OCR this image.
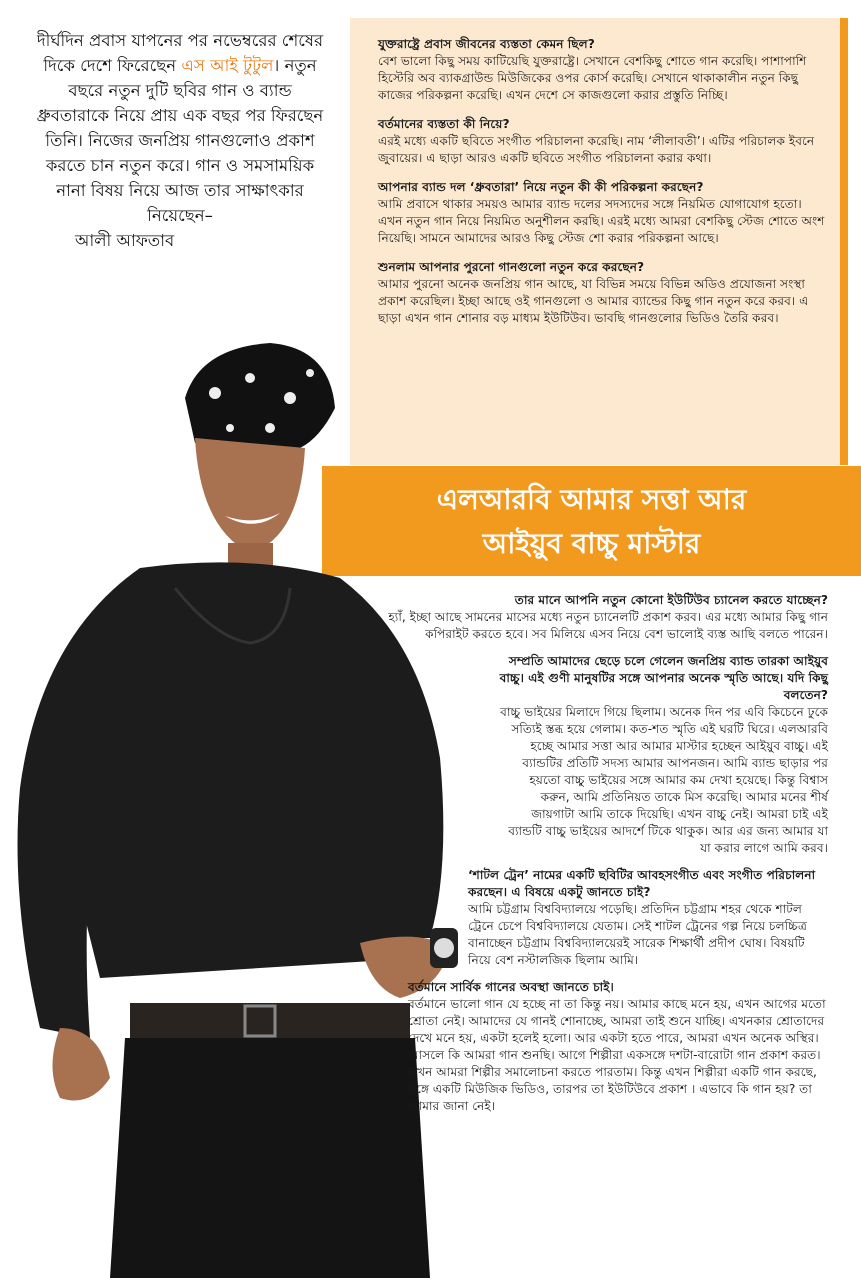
দীর্ঘদিন প্রবাস যাপনের পর নভেম্বরের শেষের দিকে দেশে ফিরেছেন এস আই টুটুল। নতুন বছরে নতুন দুটি ছবির গান ও ব্যান্ড ধ্রুবতারাকে নিয়ে প্রায় এক বছর পর ফিরছেন তিনি। নিজের জনপ্রিয় গানগুলোও প্রকাশ করতে চান নতুন করে। গান ও সমসাময়িক নানা বিষয় নিয়ে আজ তার সাক্ষাৎকার নিয়েছেন–
আলী আফতাব
যুক্তরাষ্ট্রে প্রবাস জীবনের ব্যস্ততা কেমন ছিল?
বেশ ভালো কিছু সময় কাটিয়েছি যুক্তরাষ্ট্রে। সেখানে বেশকিছু শোতে গান করেছি। পাশাপাশি হিস্টেরি অব ব্যাকগ্রাউন্ড মিউজিকের ওপর কোর্স করেছি। সেখানে থাকাকালীন নতুন কিছু কাজের পরিকল্পনা করেছি। এখন দেশে সে কাজগুলো করার প্রস্তুতি নিচ্ছি।
বর্তমানের ব্যস্ততা কী নিয়ে?
এরই মধ্যে একটি ছবিতে সংগীত পরিচালনা করেছি। নাম ‘লীলাবতী’। এটির পরিচালক ইবনে জুবায়ের। এ ছাড়া আরও একটি ছবিতে সংগীত পরিচালনা করার কথা।
আপনার ব্যান্ড দল ‘ধ্রুবতারা’ নিয়ে নতুন কী কী পরিকল্পনা করছেন?
আমি প্রবাসে থাকার সময়ও আমার ব্যান্ড দলের সদস্যদের সঙ্গে নিয়মিত যোগাযোগ হতো। এখন নতুন গান নিয়ে নিয়মিত অনুশীলন করছি। এরই মধ্যে আমরা বেশকিছু স্টেজ শোতে অংশ নিয়েছি। সামনে আমাদের আরও কিছু স্টেজ শো করার পরিকল্পনা আছে।
শুনলাম আপনার পুরনো গানগুলো নতুন করে করছেন?
আমার পুরনো অনেক জনপ্রিয় গান আছে, যা বিভিন্ন সময়ে বিভিন্ন অডিও প্রযোজনা সংস্থা প্রকাশ করেছিল। ইচ্ছা আছে ওই গানগুলো ও আমার ব্যান্ডের কিছু গান নতুন করে করব। এ ছাড়া এখন গান শোনার বড় মাধ্যম ইউটিউব। ভাবছি গানগুলোর ভিডিও তৈরি করব।
এলআরবি আমার সত্তা আর
আইয়ুব বাচ্চু মাস্টার
তার মানে আপনি নতুন কোনো ইউটিউব চ্যানেল করতে যাচ্ছেন?
হ্যাঁ, ইচ্ছা আছে সামনের মাসের মধ্যে নতুন চ্যানেলটি প্রকাশ করব। এর মধ্যে আমার কিছু গান কপিরাইট করতে হবে। সব মিলিয়ে এসব নিয়ে বেশ ভালোই ব্যস্ত আছি বলতে পারেন।
সম্প্রতি আমাদের ছেড়ে চলে গেলেন জনপ্রিয় ব্যান্ড তারকা আইয়ুব বাচ্চু। এই গুণী মানুষটির সঙ্গে আপনার অনেক স্মৃতি আছে। যদি কিছু বলতেন?
বাচ্চু ভাইয়ের মিলাদে গিয়ে ছিলাম। অনেক দিন পর এবি কিচেনে ঢুকে সত্যিই স্তব্ধ হয়ে গেলাম। কত-শত স্মৃতি এই ঘরটি ঘিরে। এলআরবি হচ্ছে আমার সত্তা আর আমার মাস্টার হচ্ছেন আইয়ুব বাচ্চু। এই ব্যান্ডটির প্রতিটি সদস্য আমার আপনজন। আমি ব্যান্ড ছাড়ার পর হয়তো বাচ্চু ভাইয়ের সঙ্গে আমার কম দেখা হয়েছে। কিন্তু বিশ্বাস করুন, আমি প্রতিনিয়ত তাকে মিস করেছি। আমার মনের শীর্ষ জায়গাটা আমি তাকে দিয়েছি। এখন বাচ্চু নেই। আমরা চাই এই ব্যান্ডটি বাচ্চু ভাইয়ের আদর্শে টিকে থাকুক। আর এর জন্য আমার যা যা করার লাগে আমি করব।
‘শাটল ট্রেন’ নামের একটি ছবিটির আবহসংগীত এবং সংগীত পরিচালনা করছেন। এ বিষয়ে একটু জানতে চাই?
আমি চট্টগ্রাম বিশ্ববিদ্যালয়ে পড়েছি। প্রতিদিন চট্টগ্রাম শহর থেকে শাটল ট্রেনে চেপে বিশ্ববিদ্যালয়ে যেতাম। সেই শাটল ট্রেনের গল্প নিয়ে চলচ্চিত্র বানাচ্ছেন চট্টগ্রাম বিশ্ববিদ্যালয়েরই সারেক শিক্ষার্থী প্রদীপ ঘোষ। বিষয়টি নিয়ে বেশ নস্টালজিক ছিলাম আমি।
বর্তমানে সার্বিক গানের অবস্থা জানতে চাই।
বর্তমানে ভালো গান যে হচ্ছে না তা কিন্তু নয়। আমার কাছে মনে হয়, এখন আগের মতো শ্রোতা নেই। আমাদের যে গানই শোনাচ্ছে, আমরা তাই শুনে যাচ্ছি। এখনকার শ্রোতাদের দেখে মনে হয়, একটা হলেই হলো। আর একটা হতে পারে, আমরা এখন অনেক অস্থির। আসলে কি আমরা গান শুনছি। আগে শিল্পীরা একসঙ্গে দশটা-বারোটা গান প্রকাশ করত। তখন আমরা শিল্পীর সমালোচনা করতে পারতাম। কিন্তু এখন শিল্পীরা একটি গান করছে, সঙ্গে একটি মিউজিক ভিডিও, তারপর তা ইউটিউবে প্রকাশ । এভাবে কি গান হয়? তা আমার জানা নেই।
